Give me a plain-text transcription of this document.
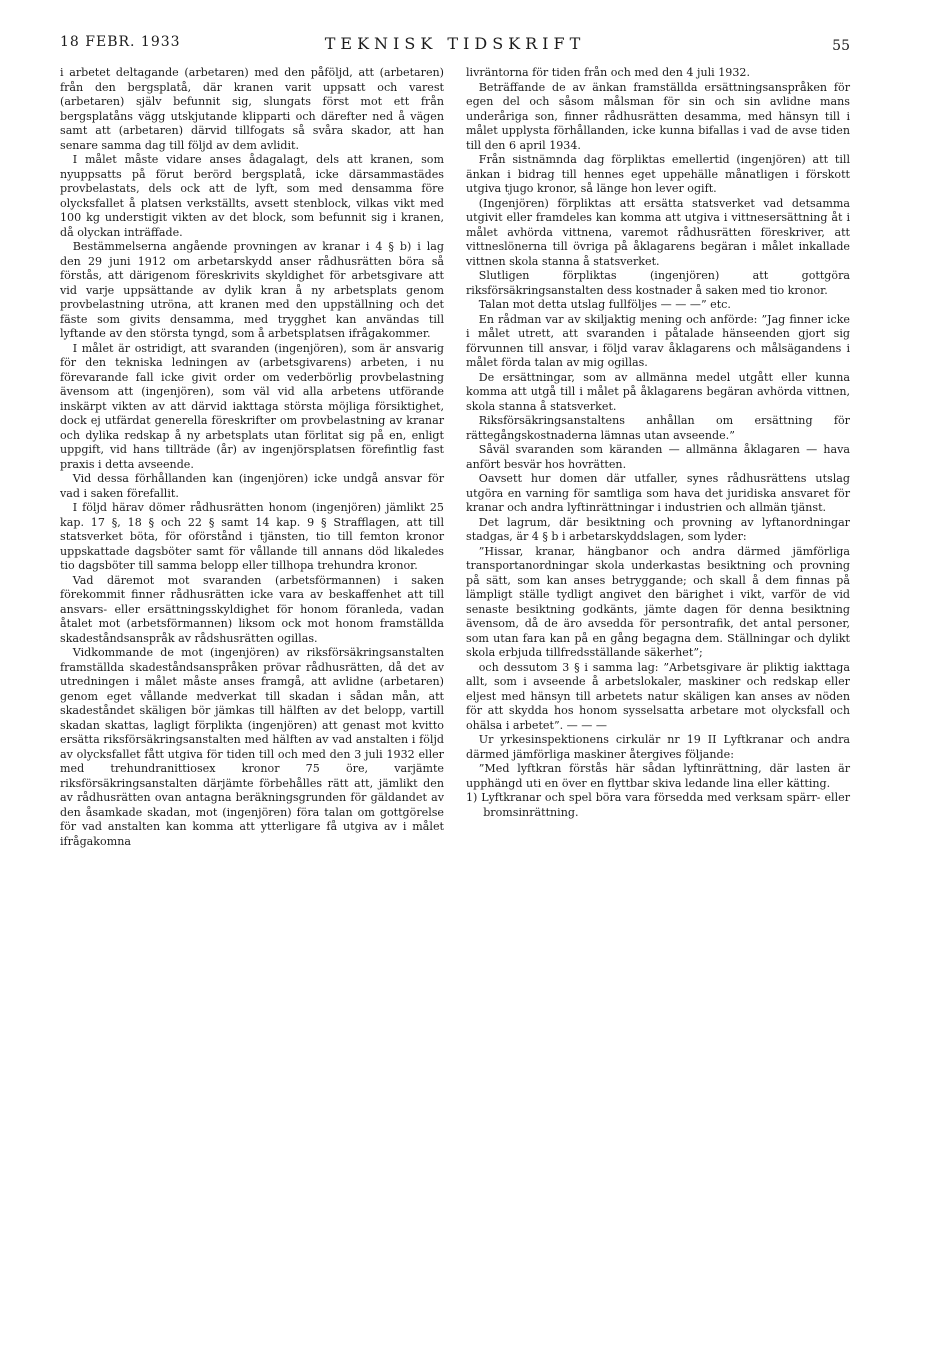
18 FEBR. 1933	TEKNISK TIDSKRIFT	55

i arbetet deltagande (arbetaren) med den påföljd, att (arbetaren) från den bergsplatå, där kranen varit uppsatt och varest (arbetaren) själv befunnit sig, slungats först mot ett från bergsplatåns vägg utskjutande klipparti och därefter ned å vägen samt att (arbetaren) därvid tillfogats så svåra skador, att han senare samma dag till följd av dem avlidit.

I målet måste vidare anses ådagalagt, dels att kranen, som nyuppsatts på förut berörd bergsplatå, icke därsammastädes provbelastats, dels ock att de lyft, som med densamma före olycksfallet å platsen verkställts, avsett stenblock, vilkas vikt med 100 kg understigit vikten av det block, som befunnit sig i kranen, då olyckan inträffade.

Bestämmelserna angående provningen av kranar i 4 § b) i lag den 29 juni 1912 om arbetarskydd anser rådhusrätten böra så förstås, att därigenom föreskrivits skyldighet för arbetsgivare att vid varje uppsättande av dylik kran å ny arbetsplats genom provbelastning utröna, att kranen med den uppställning och det fäste som givits densamma, med trygghet kan användas till lyftande av den största tyngd, som å arbetsplatsen ifrågakommer.

I målet är ostridigt, att svaranden (ingenjören), som är ansvarig för den tekniska ledningen av (arbetsgivarens) arbeten, i nu förevarande fall icke givit order om vederbörlig provbelastning ävensom att (ingenjören), som väl vid alla arbetens utförande inskärpt vikten av att därvid iakttaga största möjliga försiktighet, dock ej utfärdat generella föreskrifter om provbelastning av kranar och dylika redskap å ny arbetsplats utan förlitat sig på en, enligt uppgift, vid hans tillträde (år) av ingenjörsplatsen förefintlig fast praxis i detta avseende.

Vid dessa förhållanden kan (ingenjören) icke undgå ansvar för vad i saken förefallit.

I följd härav dömer rådhusrätten honom (ingenjören) jämlikt 25 kap. 17 §, 18 § och 22 § samt 14 kap. 9 § Strafflagen, att till statsverket böta, för oförstånd i tjänsten, tio till femton kronor uppskattade dagsböter samt för vållande till annans död likaledes tio dagsböter till samma belopp eller tillhopa trehundra kronor.

Vad däremot mot svaranden (arbetsförmannen) i saken förekommit finner rådhusrätten icke vara av beskaffenhet att till ansvars- eller ersättningsskyldighet för honom föranleda, vadan åtalet mot (arbetsförmannen) liksom ock mot honom framställda skadeståndsanspråk av rådshusrätten ogillas.

Vidkommande de mot (ingenjören) av riksförsäkringsanstalten framställda skadeståndsanspråken prövar rådhusrätten, då det av utredningen i målet måste anses framgå, att avlidne (arbetaren) genom eget vållande medverkat till skadan i sådan mån, att skadeståndet skäligen bör jämkas till hälften av det belopp, vartill skadan skattas, lagligt förplikta (ingenjören) att genast mot kvitto ersätta riksförsäkringsanstalten med hälften av vad anstalten i följd av olycksfallet fått utgiva för tiden till och med den 3 juli 1932 eller med trehundranittiosex kronor 75 öre, varjämte riksförsäkringsanstalten därjämte förbehålles rätt att, jämlikt den av rådhusrätten ovan antagna beräkningsgrunden för gäldandet av den åsamkade skadan, mot (ingenjören) föra talan om gottgörelse för vad anstalten kan komma att ytterligare få utgiva av i målet ifrågakomna

livräntorna för tiden från och med den 4 juli 1932.

Beträffande de av änkan framställda ersättningsanspråken för egen del och såsom målsman för sin och sin avlidne mans underåriga son, finner rådhusrätten desamma, med hänsyn till i målet upplysta förhållanden, icke kunna bifallas i vad de avse tiden till den 6 april 1934.

Från sistnämnda dag förpliktas emellertid (ingenjören) att till änkan i bidrag till hennes eget uppehälle månatligen i förskott utgiva tjugo kronor, så länge hon lever ogift.

(Ingenjören) förpliktas att ersätta statsverket vad detsamma utgivit eller framdeles kan komma att utgiva i vittnesersättning åt i målet avhörda vittnena, varemot rådhusrätten föreskriver, att vittneslönerna till övriga på åklagarens begäran i målet inkallade vittnen skola stanna å statsverket.

Slutligen förpliktas (ingenjören) att gottgöra riksförsäkringsanstalten dess kostnader å saken med tio kronor.

Talan mot detta utslag fullföljes — — —” etc.

En rådman var av skiljaktig mening och anförde: ”Jag finner icke i målet utrett, att svaranden i påtalade hänseenden gjort sig förvunnen till ansvar, i följd varav åklagarens och målsägandens i målet förda talan av mig ogillas.

De ersättningar, som av allmänna medel utgått eller kunna komma att utgå till i målet på åklagarens begäran avhörda vittnen, skola stanna å statsverket.

Riksförsäkringsanstaltens anhållan om ersättning för rättegångskostnaderna lämnas utan avseende.”

Såväl svaranden som käranden — allmänna åklagaren — hava anfört besvär hos hovrätten.

Oavsett hur domen där utfaller, synes rådhusrättens utslag utgöra en varning för samtliga som hava det juridiska ansvaret för kranar och andra lyftinrättningar i industrien och allmän tjänst.

Det lagrum, där besiktning och provning av lyftanordningar stadgas, är 4 § b i arbetarskyddslagen, som lyder:

”Hissar, kranar, hängbanor och andra därmed jämförliga transportanordningar skola underkastas besiktning och provning på sätt, som kan anses betryggande; och skall å dem finnas på lämpligt ställe tydligt angivet den bärighet i vikt, varför de vid senaste besiktning godkänts, jämte dagen för denna besiktning ävensom, då de äro avsedda för persontrafik, det antal personer, som utan fara kan på en gång begagna dem. Ställningar och dylikt skola erbjuda tillfredsställande säkerhet”;

och dessutom 3 § i samma lag: ”Arbetsgivare är pliktig iakttaga allt, som i avseende å arbetslokaler, maskiner och redskap eller eljest med hänsyn till arbetets natur skäligen kan anses av nöden för att skydda hos honom sysselsatta arbetare mot olycksfall och ohälsa i arbetet”. — — —

Ur yrkesinspektionens cirkulär nr 19 II Lyftkranar och andra därmed jämförliga maskiner återgives följande:

”Med lyftkran förstås här sådan lyftinrättning, där lasten är upphängd uti en över en flyttbar skiva ledande lina eller kätting.

1) Lyftkranar och spel böra vara försedda med verksam spärr- eller bromsinrättning.
